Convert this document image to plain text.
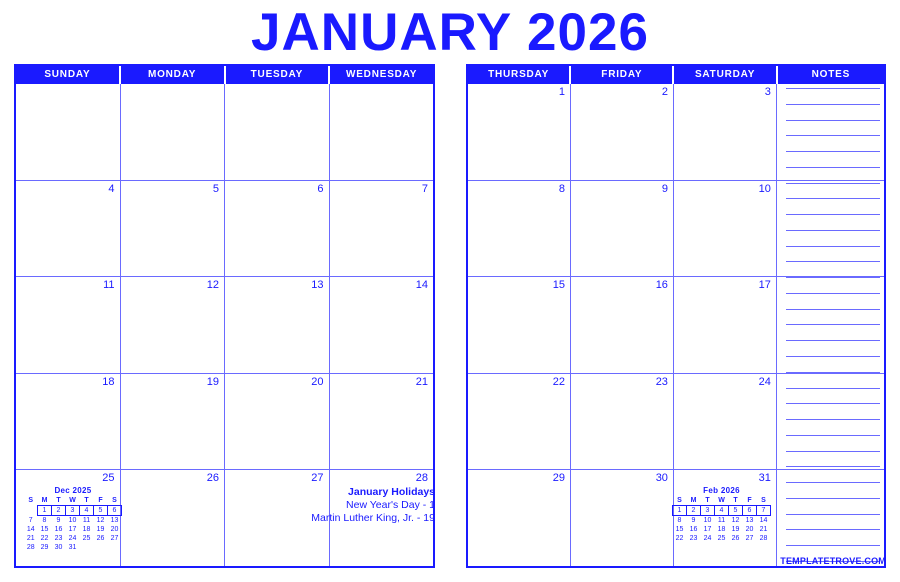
JANUARY 2026
SUNDAY	MONDAY	TUESDAY	WEDNESDAY
4	5	6	7
11	12	13	14
18	19	20	21
25	26	27	28
THURSDAY	FRIDAY	SATURDAY	NOTES
1	2	3
8	9	10
15	16	17
22	23	24
29	30	31
Dec 2025
S	M	T	W	T	F	S
	1	2	3	4	5	6
7	8	9	10	11	12	13
14	15	16	17	18	19	20
21	22	23	24	25	26	27
28	29	30	31			
Feb 2026
S	M	T	W	T	F	S
1	2	3	4	5	6	7
8	9	10	11	12	13	14
15	16	17	18	19	20	21
22	23	24	25	26	27	28
January Holidays
New Year's Day - 1
Martin Luther King, Jr. - 19
TEMPLATETROVE.COM
